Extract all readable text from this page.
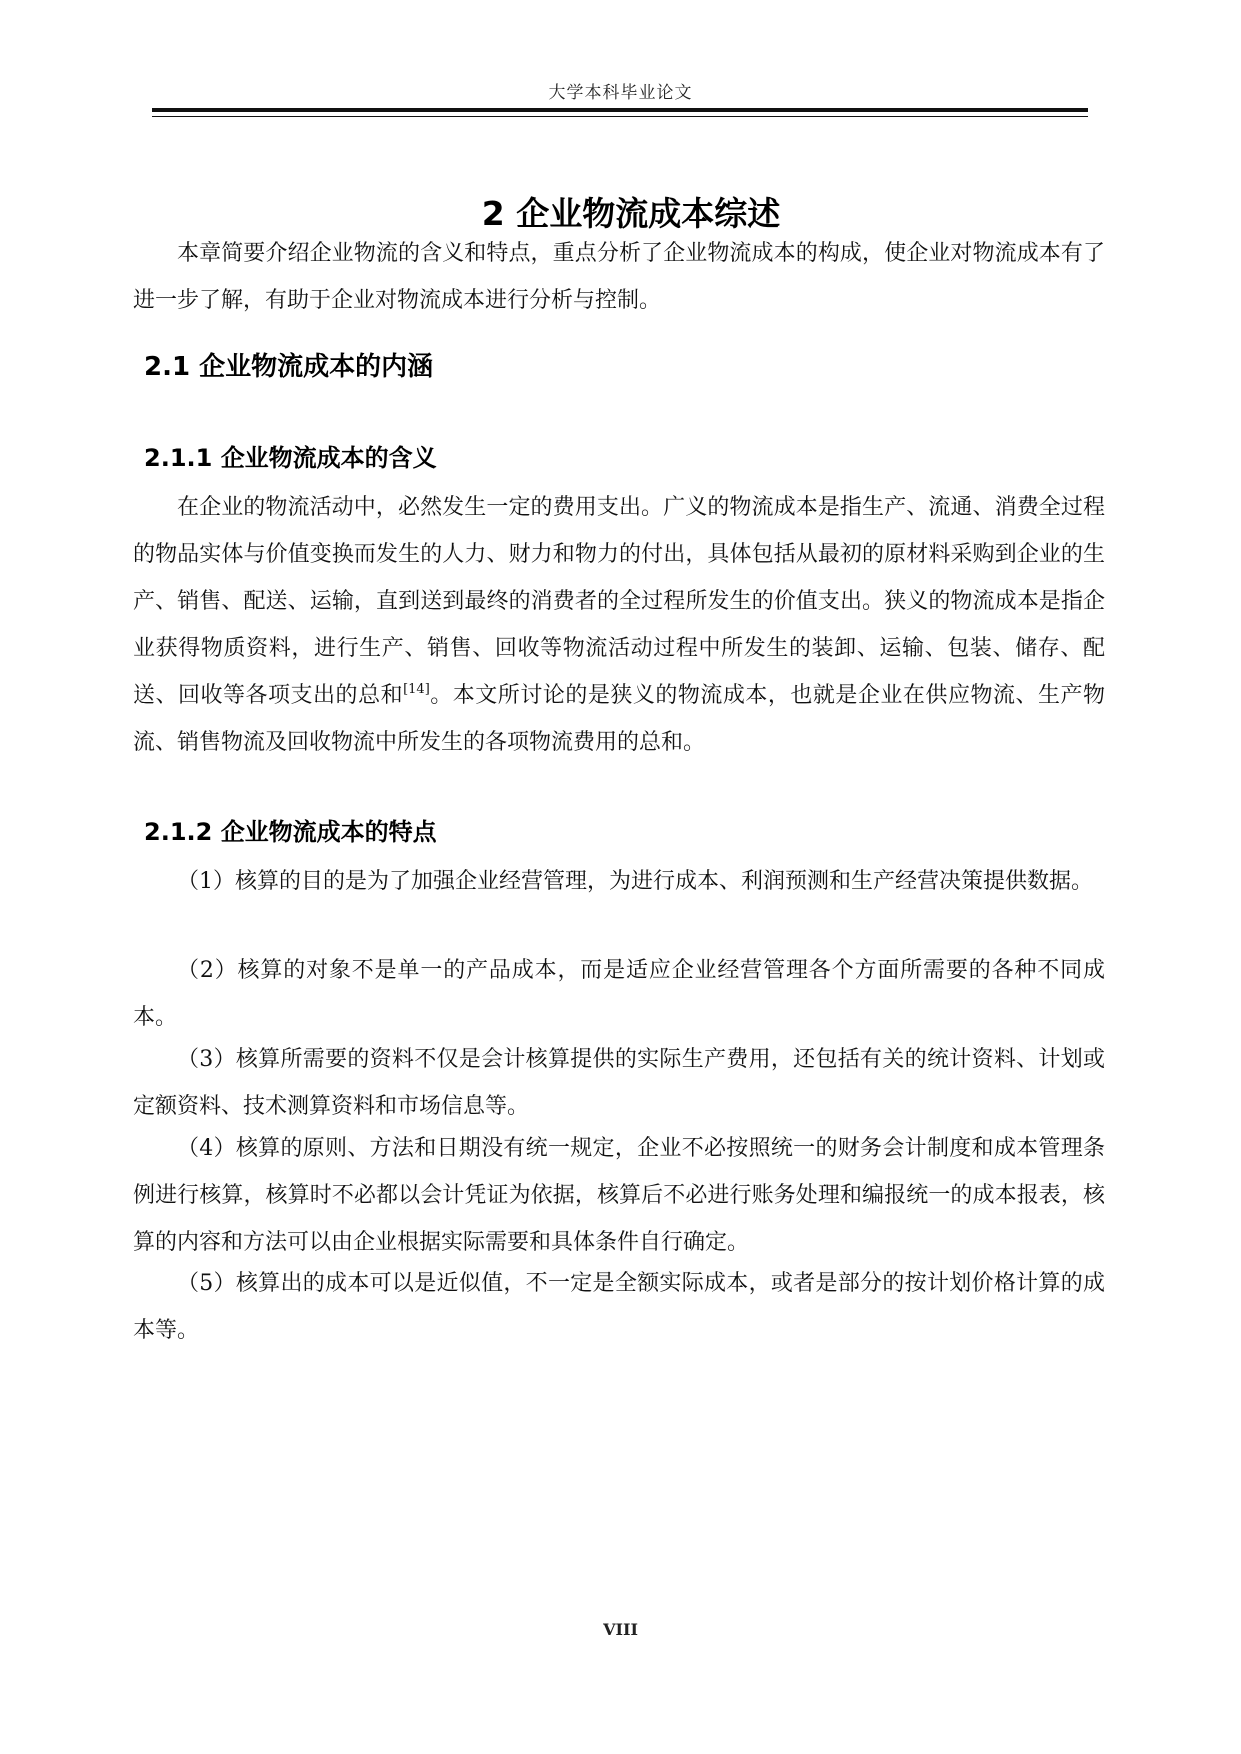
大学本科毕业论文
2 企业物流成本综述

本章简要介绍企业物流的含义和特点，重点分析了企业物流成本的构成，使企业对物流成本有了进一步了解，有助于企业对物流成本进行分析与控制。

2.1 企业物流成本的内涵
2.1.1 企业物流成本的含义

在企业的物流活动中，必然发生一定的费用支出。广义的物流成本是指生产、流通、消费全过程的物品实体与价值变换而发生的人力、财力和物力的付出，具体包括从最初的原材料采购到企业的生产、销售、配送、运输，直到送到最终的消费者的全过程所发生的价值支出。狭义的物流成本是指企业获得物质资料，进行生产、销售、回收等物流活动过程中所发生的装卸、运输、包装、储存、配送、回收等各项支出的总和[14]。本文所讨论的是狭义的物流成本，也就是企业在供应物流、生产物流、销售物流及回收物流中所发生的各项物流费用的总和。

2.1.2 企业物流成本的特点

（1）核算的目的是为了加强企业经营管理，为进行成本、利润预测和生产经营决策提供数据。

（2）核算的对象不是单一的产品成本，而是适应企业经营管理各个方面所需要的各种不同成本。

（3）核算所需要的资料不仅是会计核算提供的实际生产费用，还包括有关的统计资料、计划或定额资料、技术测算资料和市场信息等。

（4）核算的原则、方法和日期没有统一规定，企业不必按照统一的财务会计制度和成本管理条例进行核算，核算时不必都以会计凭证为依据，核算后不必进行账务处理和编报统一的成本报表，核算的内容和方法可以由企业根据实际需要和具体条件自行确定。

（5）核算出的成本可以是近似值，不一定是全额实际成本，或者是部分的按计划价格计算的成本等。

VIII
